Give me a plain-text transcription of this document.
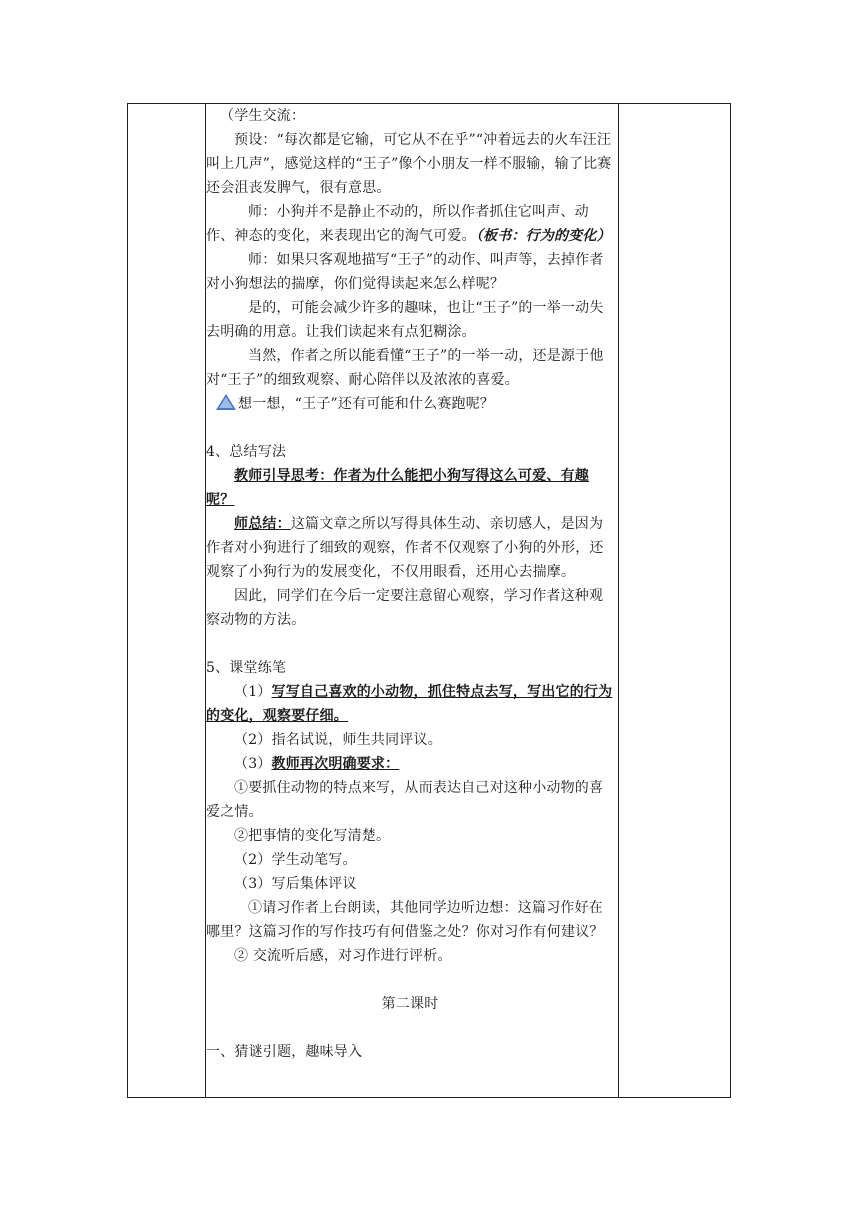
（学生交流：

预设：“每次都是它输，可它从不在乎”“冲着远去的火车汪汪叫上几声”，感觉这样的“王子”像个小朋友一样不服输，输了比赛还会沮丧发脾气，很有意思。

师：小狗并不是静止不动的，所以作者抓住它叫声、动作、神态的变化，来表现出它的淘气可爱。（板书：行为的变化）

师：如果只客观地描写“王子”的动作、叫声等，去掉作者对小狗想法的揣摩，你们觉得读起来怎么样呢？

是的，可能会减少许多的趣味，也让“王子”的一举一动失去明确的用意。让我们读起来有点犯糊涂。

当然，作者之所以能看懂“王子”的一举一动，还是源于他对“王子”的细致观察、耐心陪伴以及浓浓的喜爱。

想一想，“王子”还有可能和什么赛跑呢？

4、总结写法

教师引导思考：作者为什么能把小狗写得这么可爱、有趣呢？

师总结：这篇文章之所以写得具体生动、亲切感人，是因为作者对小狗进行了细致的观察，作者不仅观察了小狗的外形，还观察了小狗行为的发展变化，不仅用眼看，还用心去揣摩。

因此，同学们在今后一定要注意留心观察，学习作者这种观察动物的方法。

5、课堂练笔

（1）写写自己喜欢的小动物，抓住特点去写，写出它的行为的变化，观察要仔细。

（2）指名试说，师生共同评议。

（3）教师再次明确要求：

①要抓住动物的特点来写，从而表达自己对这种小动物的喜爱之情。

②把事情的变化写清楚。

（2）学生动笔写。

（3）写后集体评议

①请习作者上台朗读，其他同学边听边想：这篇习作好在哪里？这篇习作的写作技巧有何借鉴之处？你对习作有何建议？

② 交流听后感，对习作进行评析。

第二课时

一、猜谜引题，趣味导入
